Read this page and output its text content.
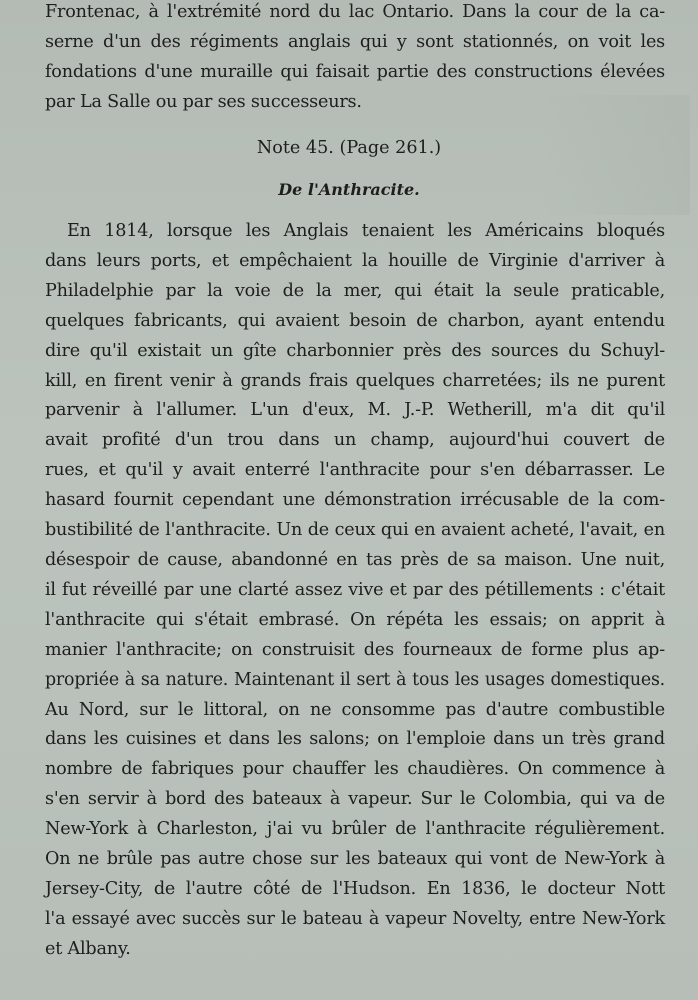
Frontenac, à l'extrémité nord du lac Ontario. Dans la cour de la ca-
serne d'un des régiments anglais qui y sont stationnés, on voit les
fondations d'une muraille qui faisait partie des constructions élevées
par La Salle ou par ses successeurs.

Note 45. (Page 261.)
De l'Anthracite.

En 1814, lorsque les Anglais tenaient les Américains bloqués
dans leurs ports, et empêchaient la houille de Virginie d'arriver à
Philadelphie par la voie de la mer, qui était la seule praticable,
quelques fabricants, qui avaient besoin de charbon, ayant entendu
dire qu'il existait un gîte charbonnier près des sources du Schuyl-
kill, en firent venir à grands frais quelques charretées; ils ne purent
parvenir à l'allumer. L'un d'eux, M. J.-P. Wetherill, m'a dit qu'il
avait profité d'un trou dans un champ, aujourd'hui couvert de
rues, et qu'il y avait enterré l'anthracite pour s'en débarrasser. Le
hasard fournit cependant une démonstration irrécusable de la com-
bustibilité de l'anthracite. Un de ceux qui en avaient acheté, l'avait, en
désespoir de cause, abandonné en tas près de sa maison. Une nuit,
il fut réveillé par une clarté assez vive et par des pétillements : c'était
l'anthracite qui s'était embrasé. On répéta les essais; on apprit à
manier l'anthracite; on construisit des fourneaux de forme plus ap-
propriée à sa nature. Maintenant il sert à tous les usages domestiques.
Au Nord, sur le littoral, on ne consomme pas d'autre combustible
dans les cuisines et dans les salons; on l'emploie dans un très grand
nombre de fabriques pour chauffer les chaudières. On commence à
s'en servir à bord des bateaux à vapeur. Sur le Colombia, qui va de
New-York à Charleston, j'ai vu brûler de l'anthracite régulièrement.
On ne brûle pas autre chose sur les bateaux qui vont de New-York à
Jersey-City, de l'autre côté de l'Hudson. En 1836, le docteur Nott
l'a essayé avec succès sur le bateau à vapeur Novelty, entre New-York
et Albany.
